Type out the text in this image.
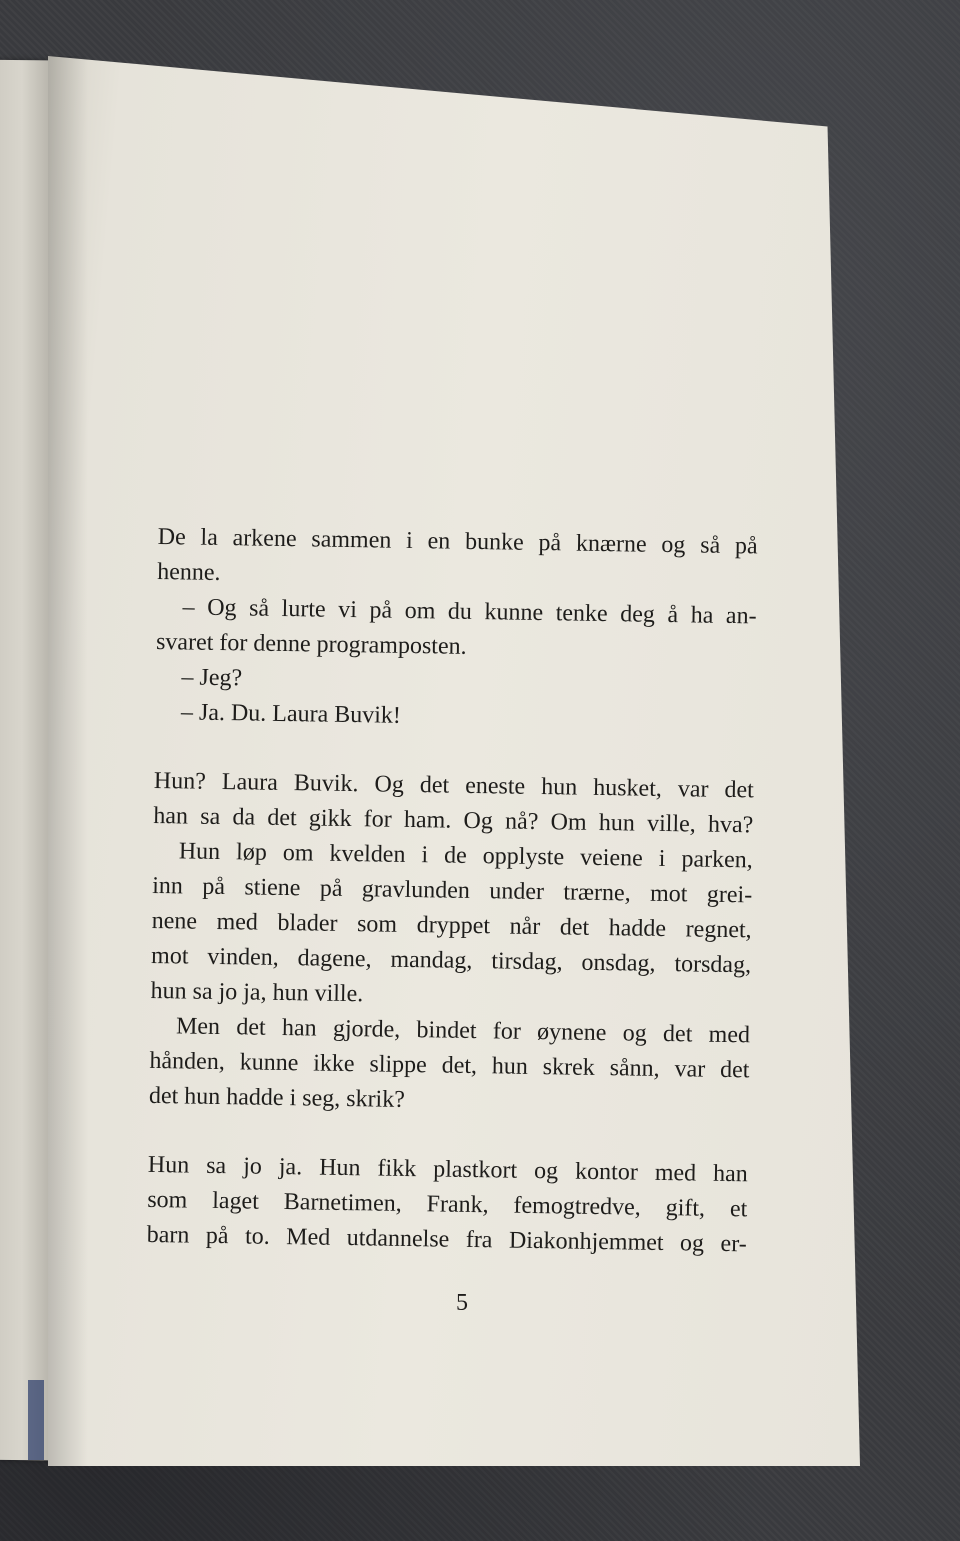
De la arkene sammen i en bunke på knærne og så på
henne.
– Og så lurte vi på om du kunne tenke deg å ha an-
svaret for denne programposten.
– Jeg?
– Ja. Du. Laura Buvik!
Hun? Laura Buvik. Og det eneste hun husket, var det
han sa da det gikk for ham. Og nå? Om hun ville, hva?
Hun løp om kvelden i de opplyste veiene i parken,
inn på stiene på gravlunden under trærne, mot grei-
nene med blader som dryppet når det hadde regnet,
mot vinden, dagene, mandag, tirsdag, onsdag, torsdag,
hun sa jo ja, hun ville.
Men det han gjorde, bindet for øynene og det med
hånden, kunne ikke slippe det, hun skrek sånn, var det
det hun hadde i seg, skrik?
Hun sa jo ja. Hun fikk plastkort og kontor med han
som laget Barnetimen, Frank, femogtredve, gift, et
barn på to. Med utdannelse fra Diakonhjemmet og er-
5
